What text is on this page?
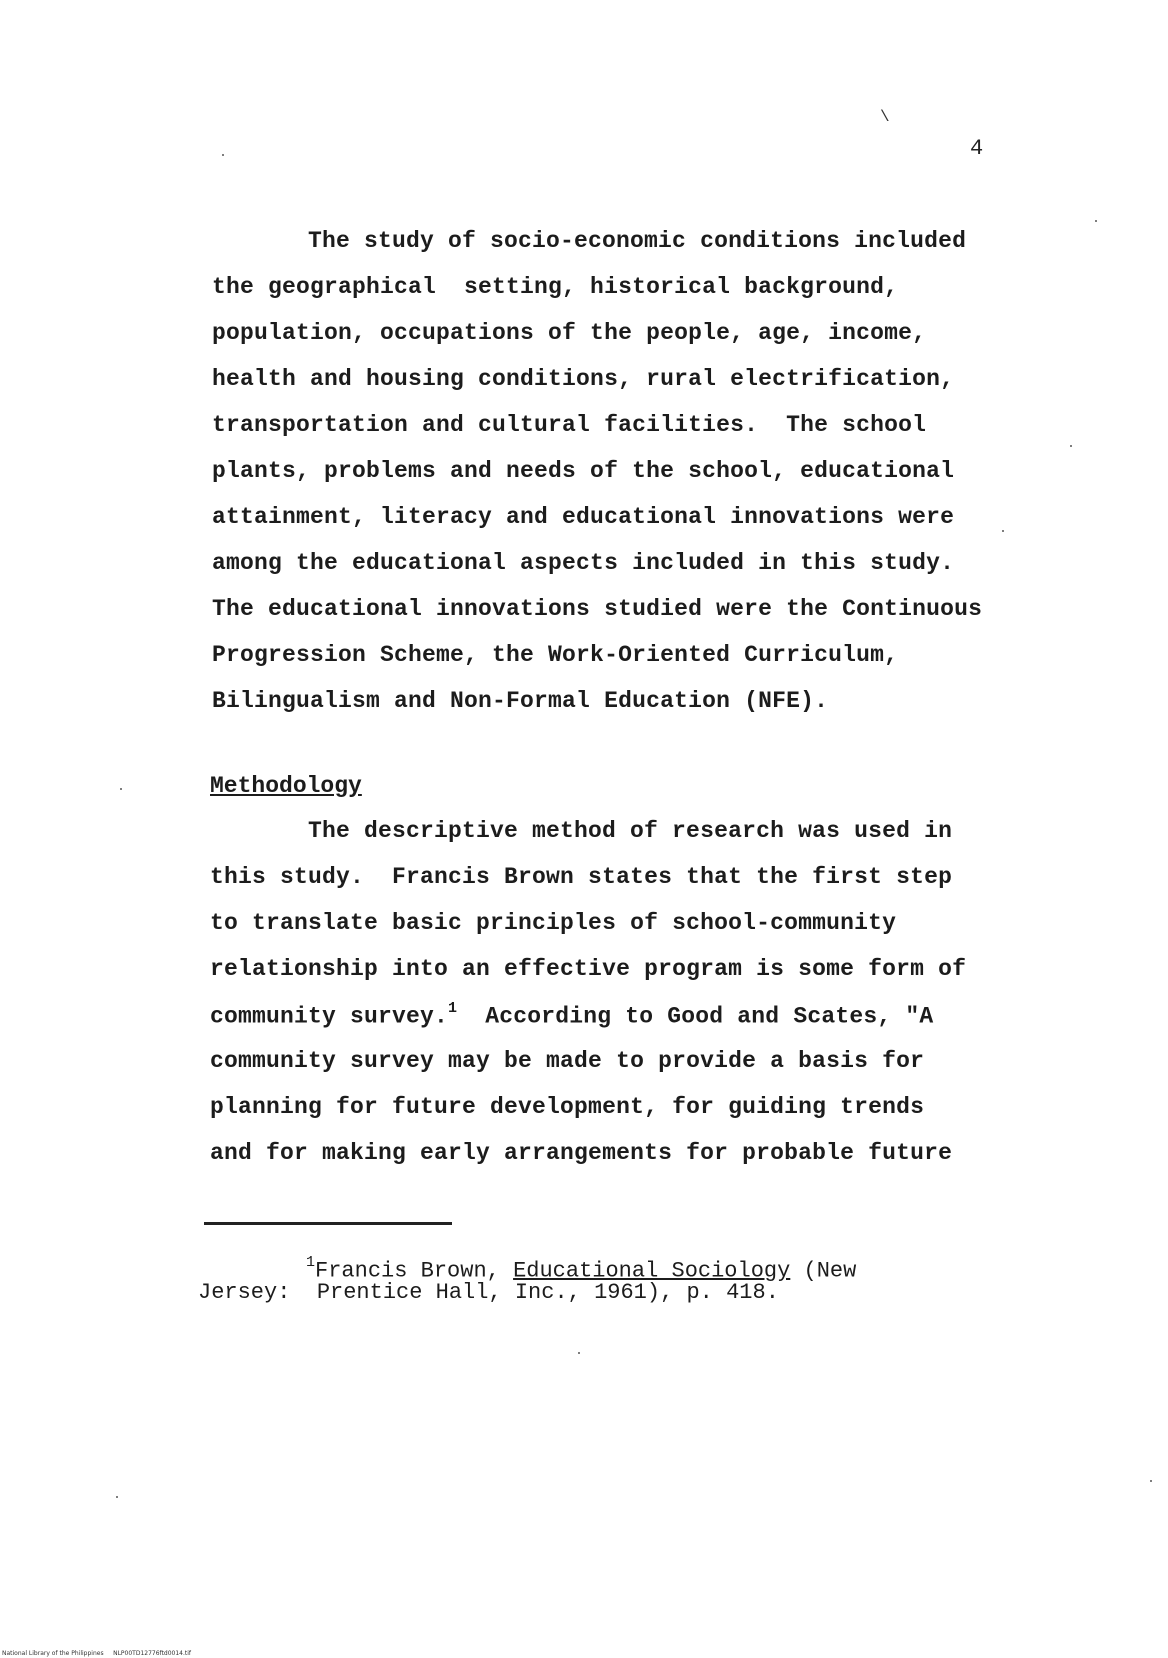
\
4
The study of socio-economic conditions included
the geographical  setting, historical background,
population, occupations of the people, age, income,
health and housing conditions, rural electrification,
transportation and cultural facilities.  The school
plants, problems and needs of the school, educational
attainment, literacy and educational innovations were
among the educational aspects included in this study.
The educational innovations studied were the Continuous
Progression Scheme, the Work-Oriented Curriculum,
Bilingualism and Non-Formal Education (NFE).
Methodology
The descriptive method of research was used in
this study.  Francis Brown states that the first step
to translate basic principles of school-community
relationship into an effective program is some form of
community survey.$^1$ According to Good and Scates, "A
community survey may be made to provide a basis for
planning for future development, for guiding trends
and for making early arrangements for probable future
$^1$Francis Brown, Educational Sociology (New
Jersey:  Prentice Hall, Inc., 1961), p. 418.
National Library of the Philippines     NLP00TD12776ftd0014.tif
